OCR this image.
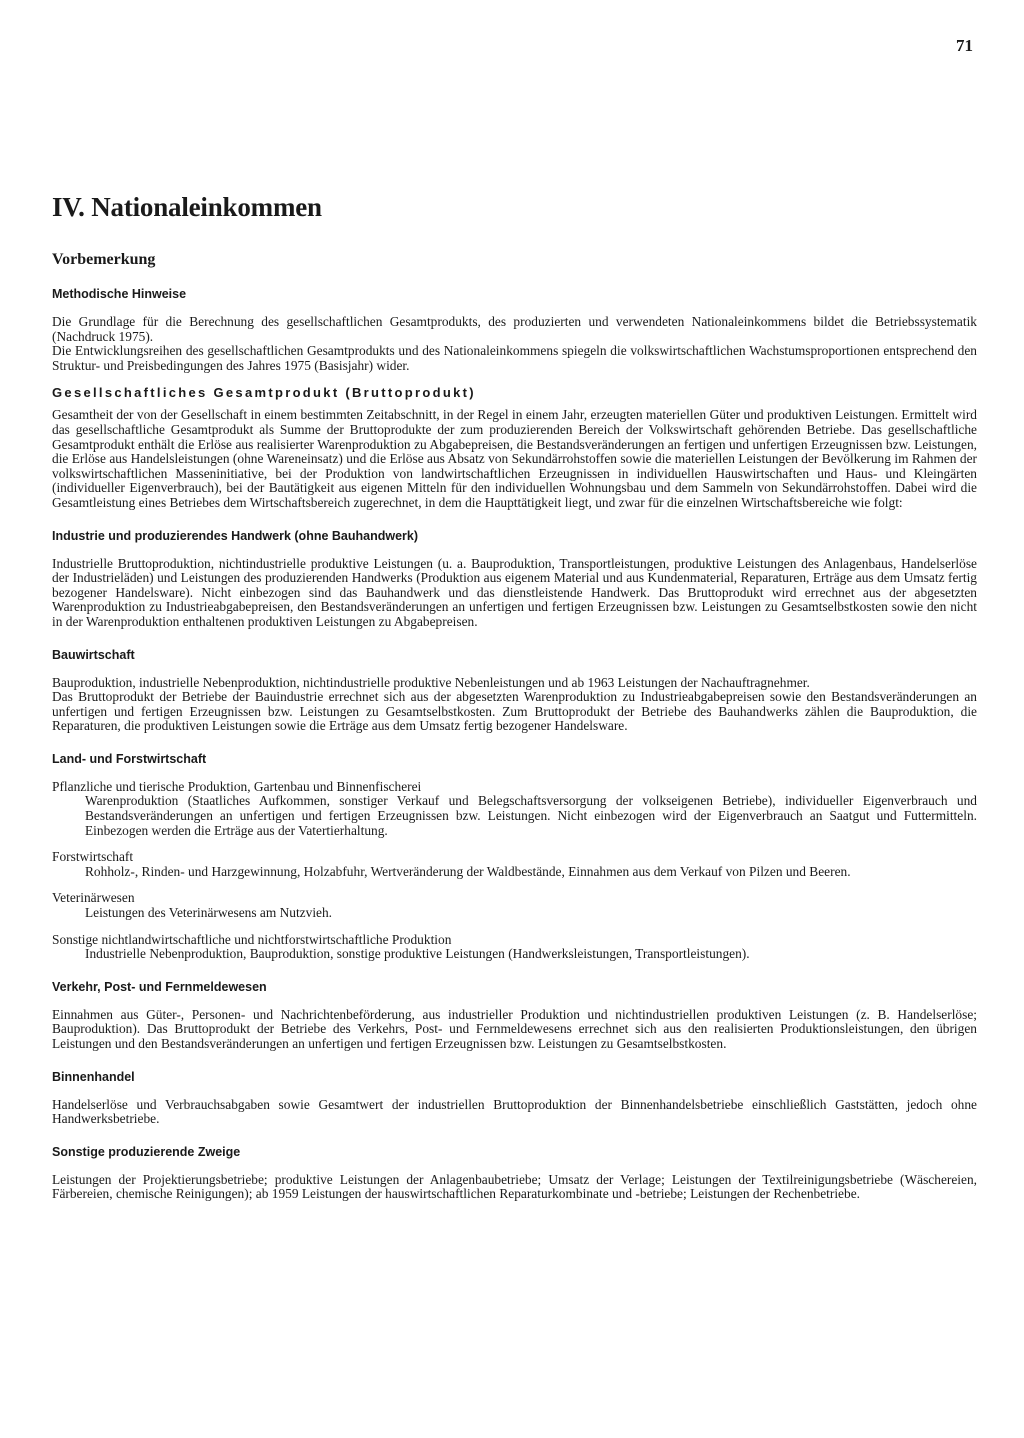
71
IV. Nationaleinkommen
Vorbemerkung
Methodische Hinweise

Die Grundlage für die Berechnung des gesellschaftlichen Gesamtprodukts, des produzierten und verwendeten Nationaleinkommens bildet die Betriebssystematik (Nachdruck 1975).

Die Entwicklungsreihen des gesellschaftlichen Gesamtprodukts und des Nationaleinkommens spiegeln die volkswirtschaftlichen Wachstumsproportionen entsprechend den Struktur- und Preisbedingungen des Jahres 1975 (Basisjahr) wider.

Gesellschaftliches Gesamtprodukt (Bruttoprodukt)

Gesamtheit der von der Gesellschaft in einem bestimmten Zeitabschnitt, in der Regel in einem Jahr, erzeugten materiellen Güter und produktiven Leistungen. Ermittelt wird das gesellschaftliche Gesamtprodukt als Summe der Bruttoprodukte der zum produzierenden Bereich der Volkswirtschaft gehörenden Betriebe. Das gesellschaftliche Gesamtprodukt enthält die Erlöse aus realisierter Warenproduktion zu Abgabepreisen, die Bestandsveränderungen an fertigen und unfertigen Erzeugnissen bzw. Leistungen, die Erlöse aus Handelsleistungen (ohne Wareneinsatz) und die Erlöse aus Absatz von Sekundärrohstoffen sowie die materiellen Leistungen der Bevölkerung im Rahmen der volkswirtschaftlichen Masseninitiative, bei der Produktion von landwirtschaftlichen Erzeugnissen in individuellen Hauswirtschaften und Haus- und Kleingärten (individueller Eigenverbrauch), bei der Bautätigkeit aus eigenen Mitteln für den individuellen Wohnungsbau und dem Sammeln von Sekundärrohstoffen. Dabei wird die Gesamtleistung eines Betriebes dem Wirtschaftsbereich zugerechnet, in dem die Haupttätigkeit liegt, und zwar für die einzelnen Wirtschaftsbereiche wie folgt:

Industrie und produzierendes Handwerk (ohne Bauhandwerk)

Industrielle Bruttoproduktion, nichtindustrielle produktive Leistungen (u. a. Bauproduktion, Transportleistungen, produktive Leistungen des Anlagenbaus, Handelserlöse der Industrieläden) und Leistungen des produzierenden Handwerks (Produktion aus eigenem Material und aus Kundenmaterial, Reparaturen, Erträge aus dem Umsatz fertig bezogener Handelsware). Nicht einbezogen sind das Bauhandwerk und das dienstleistende Handwerk. Das Bruttoprodukt wird errechnet aus der abgesetzten Warenproduktion zu Industrieabgabepreisen, den Bestandsveränderungen an unfertigen und fertigen Erzeugnissen bzw. Leistungen zu Gesamtselbstkosten sowie den nicht in der Warenproduktion enthaltenen produktiven Leistungen zu Abgabepreisen.

Bauwirtschaft

Bauproduktion, industrielle Nebenproduktion, nichtindustrielle produktive Nebenleistungen und ab 1963 Leistungen der Nachauftragnehmer.

Das Bruttoprodukt der Betriebe der Bauindustrie errechnet sich aus der abgesetzten Warenproduktion zu Industrieabgabepreisen sowie den Bestandsveränderungen an unfertigen und fertigen Erzeugnissen bzw. Leistungen zu Gesamtselbstkosten. Zum Bruttoprodukt der Betriebe des Bauhandwerks zählen die Bauproduktion, die Reparaturen, die produktiven Leistungen sowie die Erträge aus dem Umsatz fertig bezogener Handelsware.

Land- und Forstwirtschaft

Pflanzliche und tierische Produktion, Gartenbau und Binnenfischerei

Warenproduktion (Staatliches Aufkommen, sonstiger Verkauf und Belegschaftsversorgung der volkseigenen Betriebe), individueller Eigenverbrauch und Bestandsveränderungen an unfertigen und fertigen Erzeugnissen bzw. Leistungen. Nicht einbezogen wird der Eigenverbrauch an Saatgut und Futtermitteln. Einbezogen werden die Erträge aus der Vatertierhaltung.

Forstwirtschaft

Rohholz-, Rinden- und Harzgewinnung, Holzabfuhr, Wertveränderung der Waldbestände, Einnahmen aus dem Verkauf von Pilzen und Beeren.

Veterinärwesen

Leistungen des Veterinärwesens am Nutzvieh.

Sonstige nichtlandwirtschaftliche und nichtforstwirtschaftliche Produktion

Industrielle Nebenproduktion, Bauproduktion, sonstige produktive Leistungen (Handwerksleistungen, Transportleistungen).

Verkehr, Post- und Fernmeldewesen

Einnahmen aus Güter-, Personen- und Nachrichtenbeförderung, aus industrieller Produktion und nichtindustriellen produktiven Leistungen (z. B. Handelserlöse; Bauproduktion). Das Bruttoprodukt der Betriebe des Verkehrs, Post- und Fernmeldewesens errechnet sich aus den realisierten Produktionsleistungen, den übrigen Leistungen und den Bestandsveränderungen an unfertigen und fertigen Erzeugnissen bzw. Leistungen zu Gesamtselbstkosten.

Binnenhandel

Handelserlöse und Verbrauchsabgaben sowie Gesamtwert der industriellen Bruttoproduktion der Binnenhandelsbetriebe einschließlich Gaststätten, jedoch ohne Handwerksbetriebe.

Sonstige produzierende Zweige

Leistungen der Projektierungsbetriebe; produktive Leistungen der Anlagenbaubetriebe; Umsatz der Verlage; Leistungen der Textilreinigungsbetriebe (Wäschereien, Färbereien, chemische Reinigungen); ab 1959 Leistungen der hauswirtschaftlichen Reparaturkombinate und -betriebe; Leistungen der Rechenbetriebe.
